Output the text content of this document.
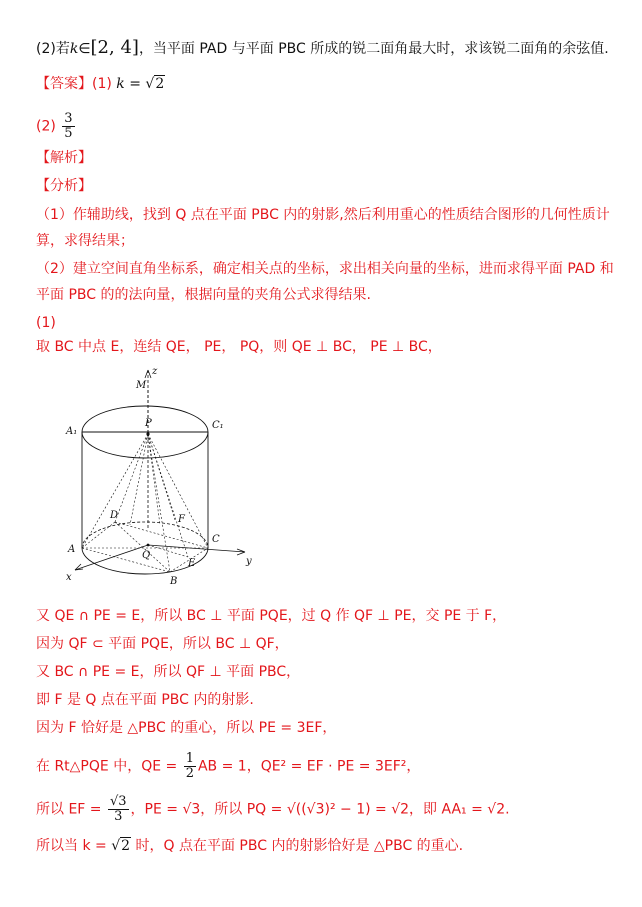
(2)若k∈[2, 4]，当平面 PAD 与平面 PBC 所成的锐二面角最大时，求该锐二面角的余弦值.
【答案】(1) k = √2
$(2) \frac{3}{5}$
【解析】
【分析】
（1）作辅助线，找到 Q 点在平面 PBC 内的射影,然后利用重心的性质结合图形的几何性质计
算，求得结果；
（2）建立空间直角坐标系，确定相关点的坐标，求出相关向量的坐标，进而求得平面 PAD 和
平面 PBC 的的法向量，根据向量的夹角公式求得结果.
(1)
取 BC 中点 E，连结 QE， PE， PQ，则 QE ⊥ BC， PE ⊥ BC，
z
M
P
A₁
C₁
D	F
A
C
Q
E
B
x
y
又 QE ∩ PE = E，所以 BC ⊥ 平面 PQE，过 Q 作 QF ⊥ PE，交 PE 于 F，
因为 QF ⊂ 平面 PQE，所以 BC ⊥ QF，
又 BC ∩ PE = E，所以 QF ⊥ 平面 PBC，
即 F 是 Q 点在平面 PBC 内的射影.
因为 F 恰好是 △PBC 的重心，所以 PE = 3EF，
在 Rt△PQE 中，QE = $\frac{1}{2}$ AB = 1，QE² = EF · PE = 3EF²，
所以 EF = $\frac{√3}{3}$ ，PE = √3，所以 PQ = √((√3)² − 1) = √2，即 AA₁ = √2.
所以当 k = √2 时，Q 点在平面 PBC 内的射影恰好是 △PBC 的重心.
